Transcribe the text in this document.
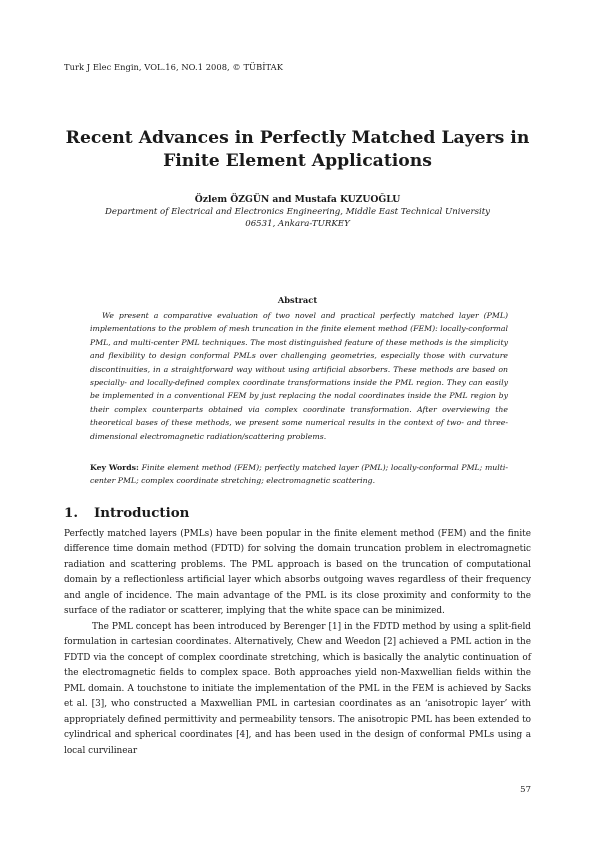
Turk J Elec Engin, VOL.16, NO.1 2008, © TÜBİTAK
Recent Advances in Perfectly Matched Layers in Finite Element Applications
Özlem ÖZGÜN and Mustafa KUZUOĞLU
Department of Electrical and Electronics Engineering, Middle East Technical University
06531, Ankara-TURKEY
Abstract

We present a comparative evaluation of two novel and practical perfectly matched layer (PML) implementations to the problem of mesh truncation in the finite element method (FEM): locally-conformal PML, and multi-center PML techniques. The most distinguished feature of these methods is the simplicity and flexibility to design conformal PMLs over challenging geometries, especially those with curvature discontinuities, in a straightforward way without using artificial absorbers. These methods are based on specially- and locally-defined complex coordinate transformations inside the PML region. They can easily be implemented in a conventional FEM by just replacing the nodal coordinates inside the PML region by their complex counterparts obtained via complex coordinate transformation. After overviewing the theoretical bases of these methods, we present some numerical results in the context of two- and three-dimensional electromagnetic radiation/scattering problems.

Key Words: Finite element method (FEM); perfectly matched layer (PML); locally-conformal PML; multi-center PML; complex coordinate stretching; electromagnetic scattering.

1. Introduction

Perfectly matched layers (PMLs) have been popular in the finite element method (FEM) and the finite difference time domain method (FDTD) for solving the domain truncation problem in electromagnetic radiation and scattering problems. The PML approach is based on the truncation of computational domain by a reflectionless artificial layer which absorbs outgoing waves regardless of their frequency and angle of incidence. The main advantage of the PML is its close proximity and conformity to the surface of the radiator or scatterer, implying that the white space can be minimized.

The PML concept has been introduced by Berenger [1] in the FDTD method by using a split-field formulation in cartesian coordinates. Alternatively, Chew and Weedon [2] achieved a PML action in the FDTD via the concept of complex coordinate stretching, which is basically the analytic continuation of the electromagnetic fields to complex space. Both approaches yield non-Maxwellian fields within the PML domain. A touchstone to initiate the implementation of the PML in the FEM is achieved by Sacks et al. [3], who constructed a Maxwellian PML in cartesian coordinates as an ‘anisotropic layer’ with appropriately defined permittivity and permeability tensors. The anisotropic PML has been extended to cylindrical and spherical coordinates [4], and has been used in the design of conformal PMLs using a local curvilinear

57
